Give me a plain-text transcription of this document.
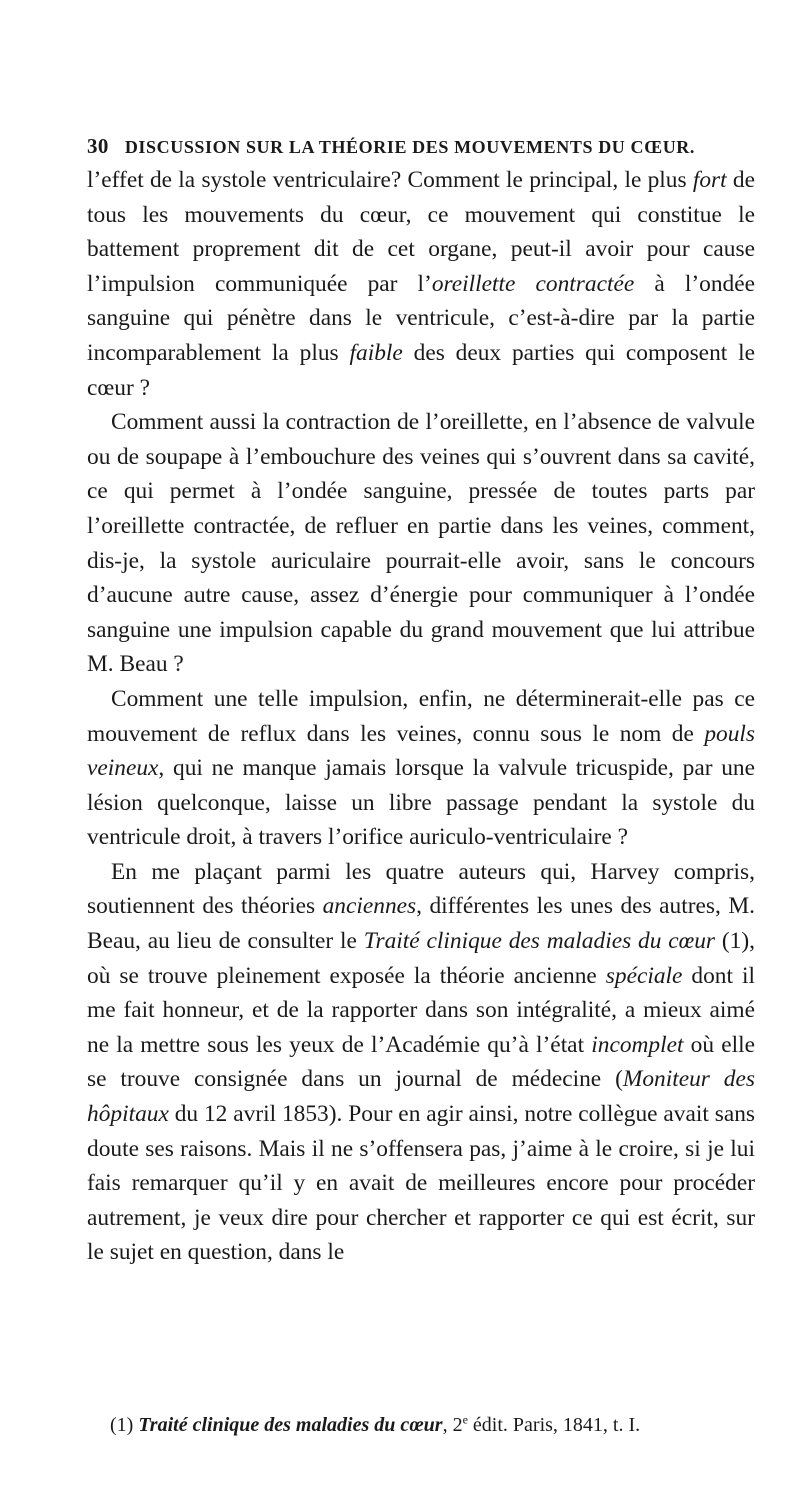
30 DISCUSSION SUR LA THÉORIE DES MOUVEMENTS DU CŒUR.

l’effet de la systole ventriculaire? Comment le principal, le plus fort de tous les mouvements du cœur, ce mouvement qui constitue le battement proprement dit de cet organe, peut-il avoir pour cause l’impulsion communiquée par l’oreillette contractée à l’ondée sanguine qui pénètre dans le ventricule, c’est-à-dire par la partie incomparablement la plus faible des deux parties qui composent le cœur ?

Comment aussi la contraction de l’oreillette, en l’absence de valvule ou de soupape à l’embouchure des veines qui s’ouvrent dans sa cavité, ce qui permet à l’ondée sanguine, pressée de toutes parts par l’oreillette contractée, de refluer en partie dans les veines, comment, dis-je, la systole auriculaire pourrait-elle avoir, sans le concours d’aucune autre cause, assez d’énergie pour communiquer à l’ondée sanguine une impulsion capable du grand mouvement que lui attribue M. Beau ?

Comment une telle impulsion, enfin, ne déterminerait-elle pas ce mouvement de reflux dans les veines, connu sous le nom de pouls veineux, qui ne manque jamais lorsque la valvule tricuspide, par une lésion quelconque, laisse un libre passage pendant la systole du ventricule droit, à travers l’orifice auriculo-ventriculaire ?

En me plaçant parmi les quatre auteurs qui, Harvey compris, soutiennent des théories anciennes, différentes les unes des autres, M. Beau, au lieu de consulter le Traité clinique des maladies du cœur (1), où se trouve pleinement exposée la théorie ancienne spéciale dont il me fait honneur, et de la rapporter dans son intégralité, a mieux aimé ne la mettre sous les yeux de l’Académie qu’à l’état incomplet où elle se trouve consignée dans un journal de médecine (Moniteur des hôpitaux du 12 avril 1853). Pour en agir ainsi, notre collègue avait sans doute ses raisons. Mais il ne s’offensera pas, j’aime à le croire, si je lui fais remarquer qu’il y en avait de meilleures encore pour procéder autrement, je veux dire pour chercher et rapporter ce qui est écrit, sur le sujet en question, dans le

(1) Traité clinique des maladies du cœur, 2e édit. Paris, 1841, t. I.
